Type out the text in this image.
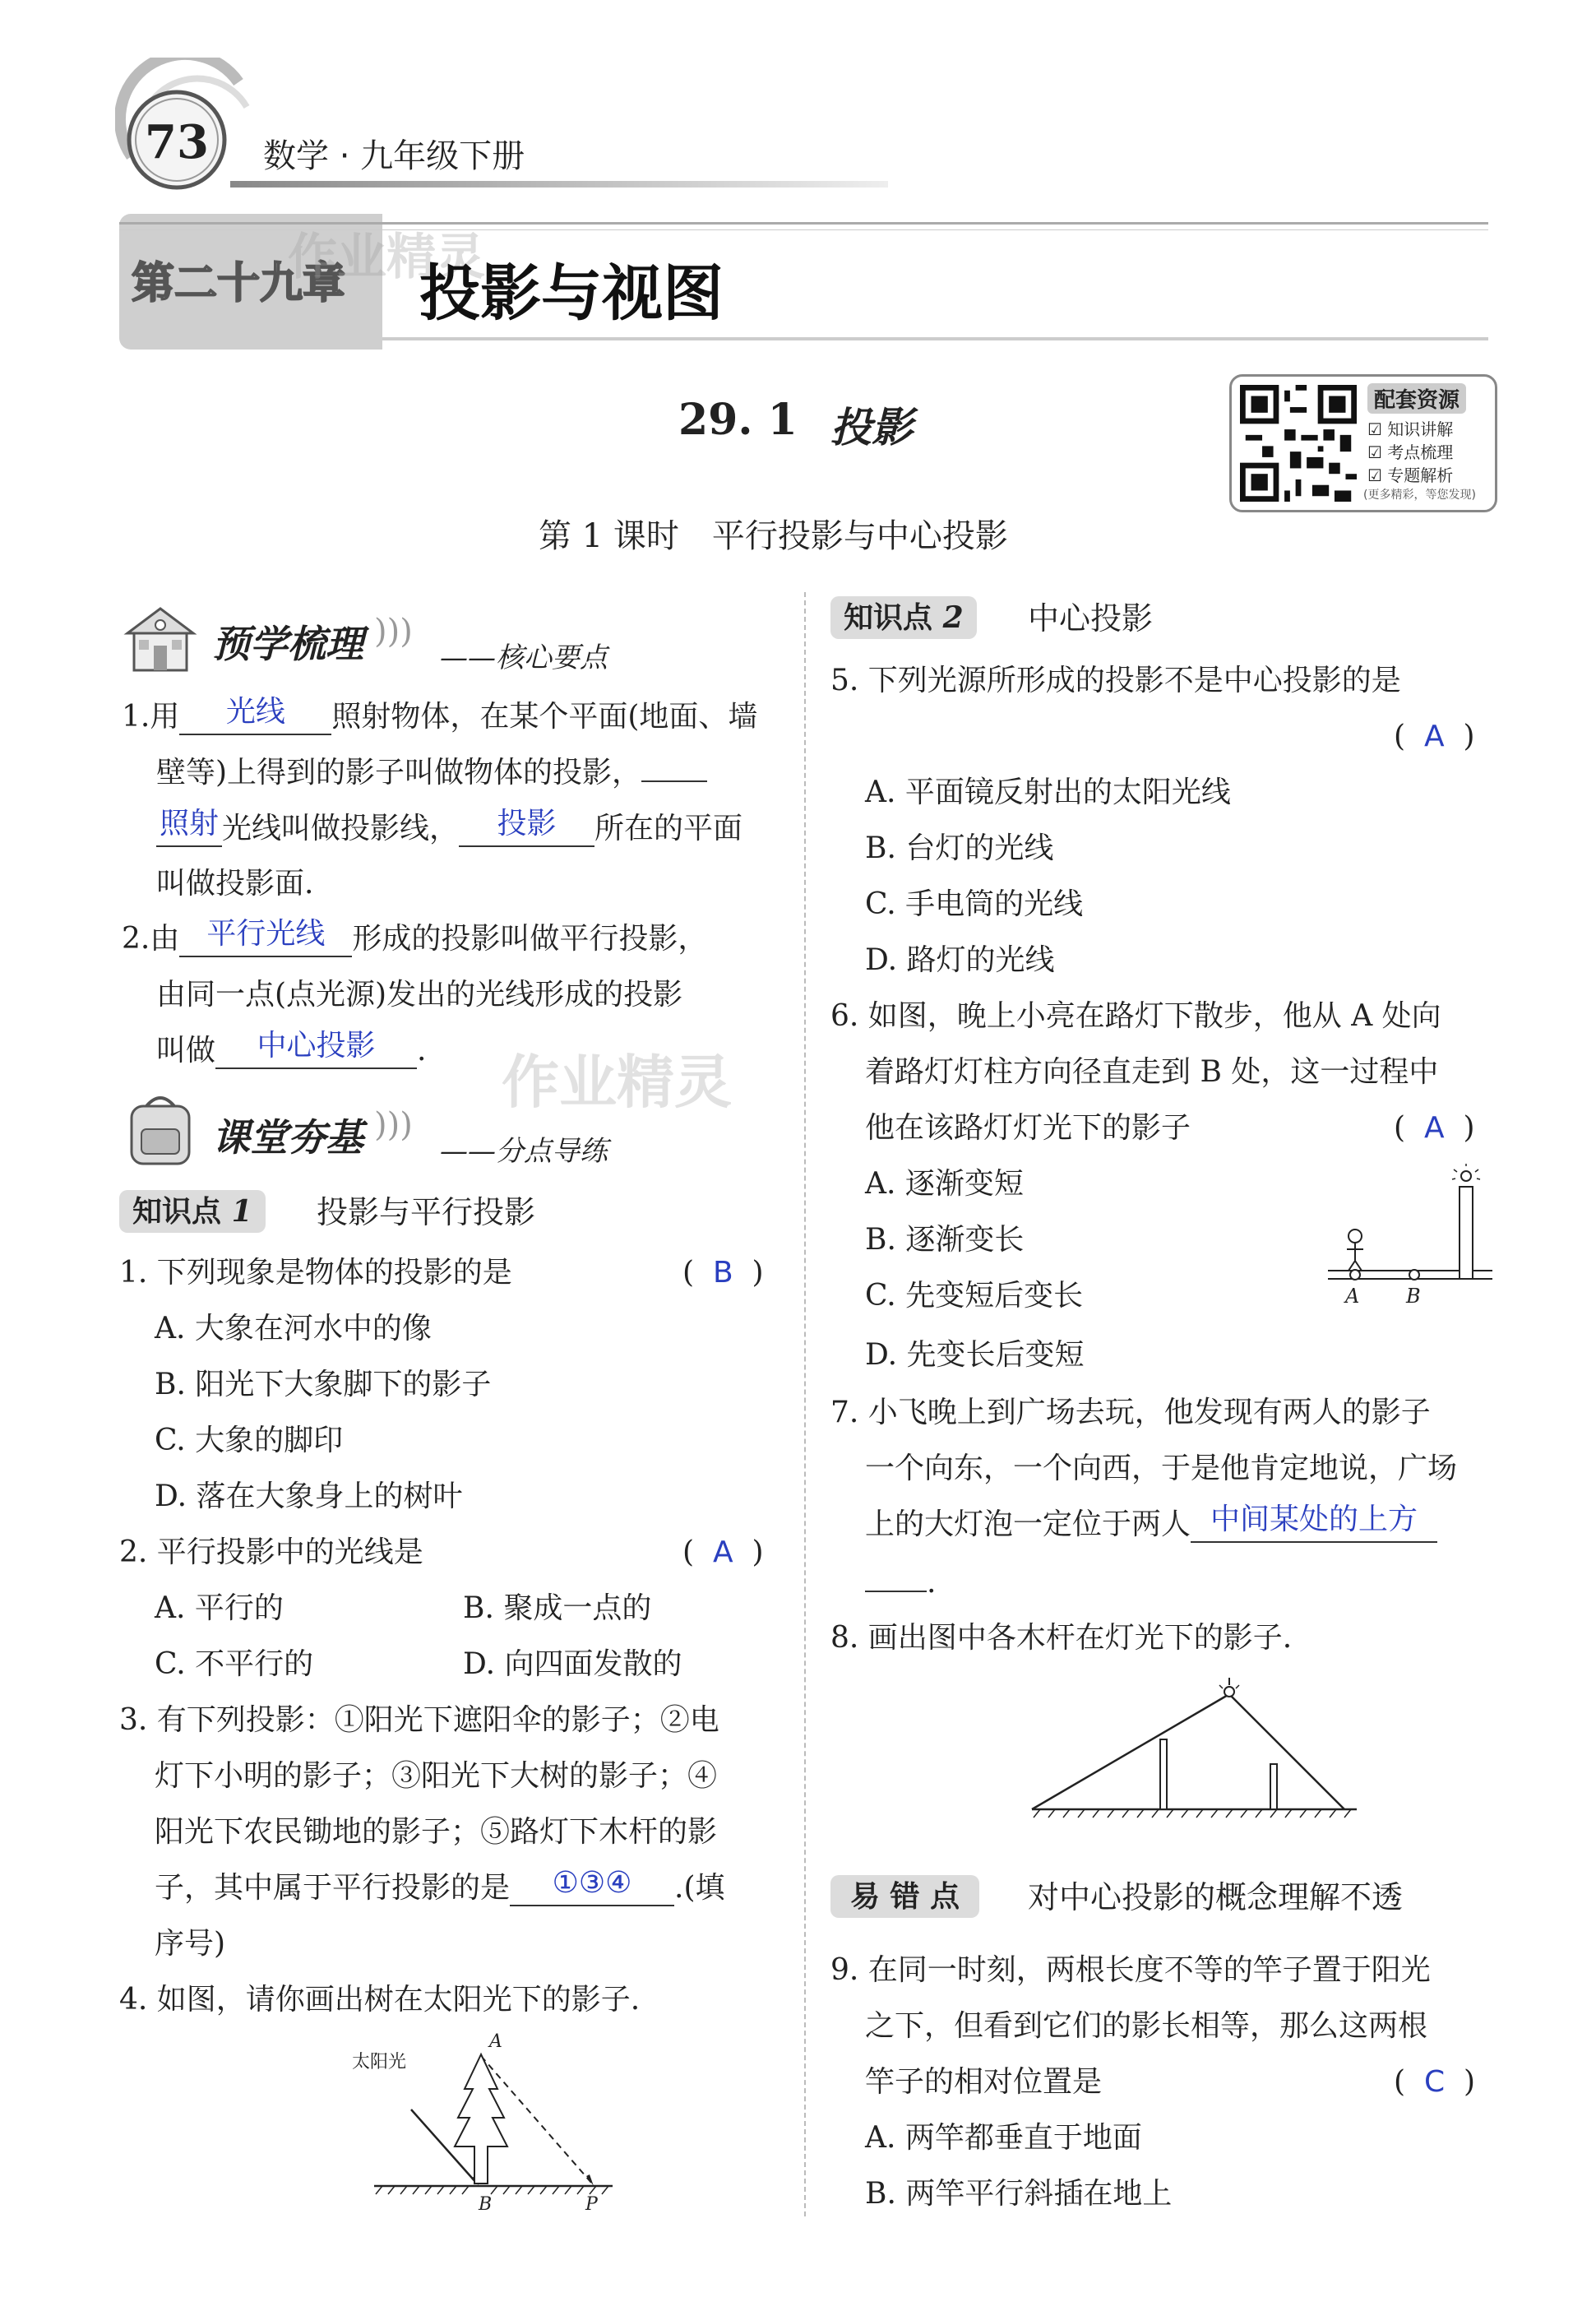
73 数学 · 九年级下册
第二十九章
作业精灵
投影与视图
29. 1 投影
第 1 课时　平行投影与中心投影
配套资源
☑ 知识讲解
☑ 考点梳理
☑ 专题解析
(更多精彩，等您发现)
预学梳理 )))
——核心要点
1.用 光线 照射物体，在某个平面(地面、墙
壁等)上得到的影子叫做物体的投影，
照射 光线叫做投影线， 投影 所在的平面
叫做投影面.
2.由 平行光线 形成的投影叫做平行投影，
由同一点(点光源)发出的光线形成的投影
叫做 中心投影 . 作业精灵
课堂夯基 )))
——分点导练
知识点 1	投影与平行投影
1. 下列现象是物体的投影的是	( B )
A. 大象在河水中的像
B. 阳光下大象脚下的影子
C. 大象的脚印
D. 落在大象身上的树叶
2. 平行投影中的光线是	( A )
A. 平行的	B. 聚成一点的
C. 不平行的	D. 向四面发散的
3. 有下列投影：①阳光下遮阳伞的影子；②电
灯下小明的影子；③阳光下大树的影子；④
阳光下农民锄地的影子；⑤路灯下木杆的影
子，其中属于平行投影的是 ①③④ .(填
序号)
4. 如图，请你画出树在太阳光下的影子.
太阳光
A
B	P
知识点 2	中心投影
5. 下列光源所形成的投影不是中心投影的是
( A )
A. 平面镜反射出的太阳光线
B. 台灯的光线
C. 手电筒的光线
D. 路灯的光线
6. 如图，晚上小亮在路灯下散步，他从 A 处向
着路灯灯柱方向径直走到 B 处，这一过程中
他在该路灯灯光下的影子	( A )
A. 逐渐变短
B. 逐渐变长
C. 先变短后变长
D. 先变长后变短
A B
7. 小飞晚上到广场去玩，他发现有两人的影子
一个向东，一个向西，于是他肯定地说，广场
上的大灯泡一定位于两人 中间某处的上方
.
8. 画出图中各木杆在灯光下的影子.
易 错 点	对中心投影的概念理解不透
9. 在同一时刻，两根长度不等的竿子置于阳光
之下，但看到它们的影长相等，那么这两根
竿子的相对位置是	( C )
A. 两竿都垂直于地面
B. 两竿平行斜插在地上
